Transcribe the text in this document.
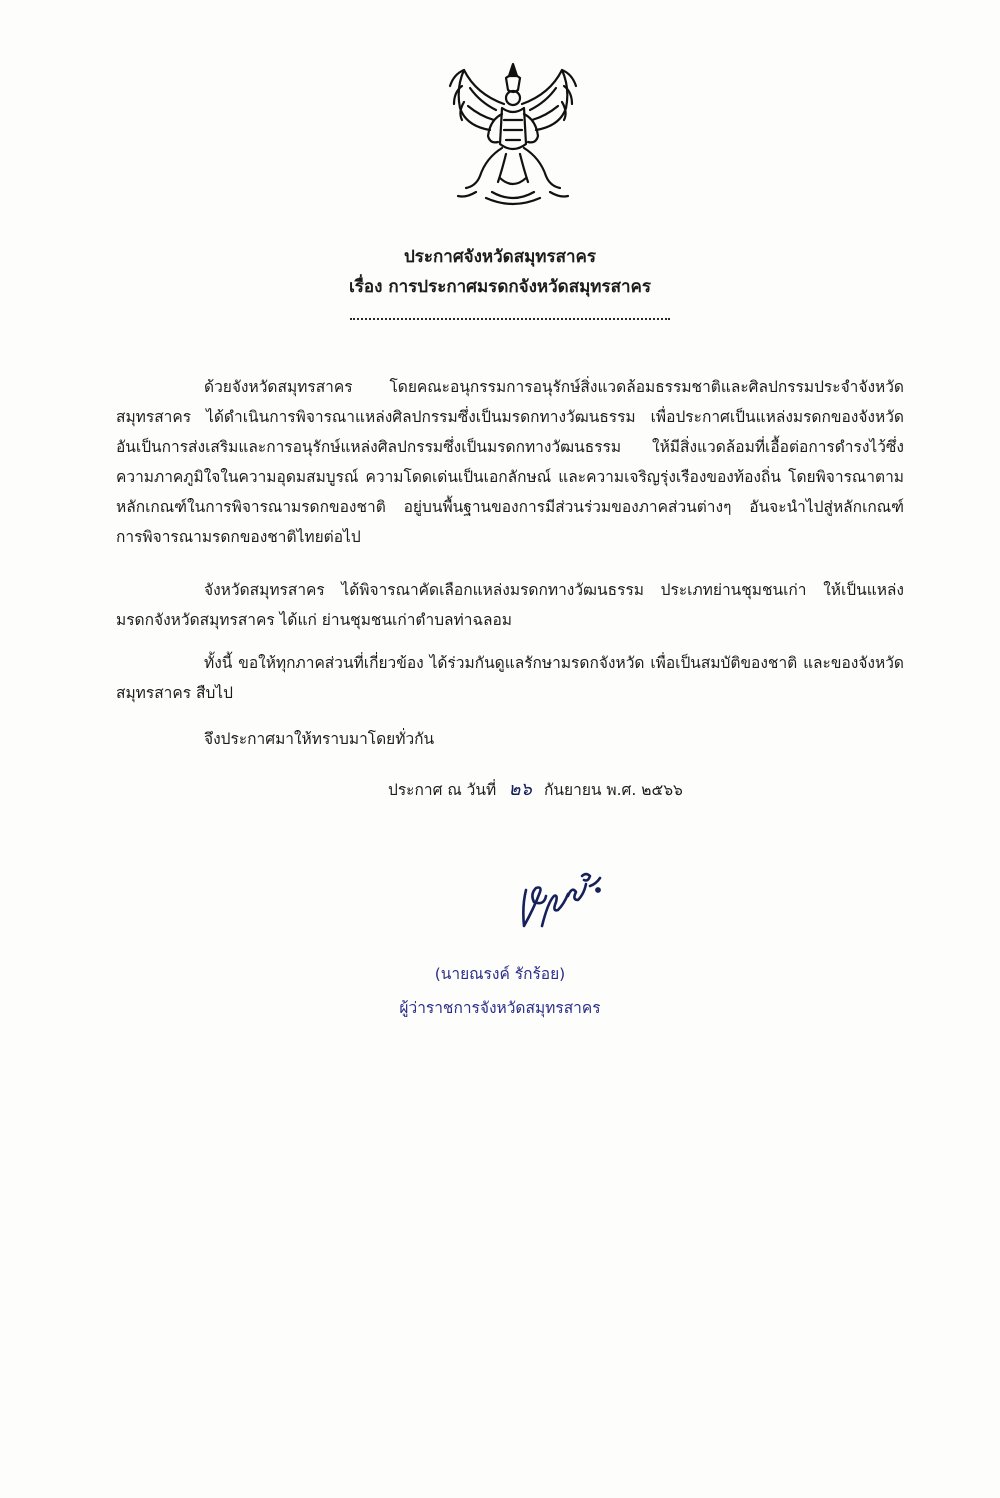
ประกาศจังหวัดสมุทรสาคร

เรื่อง การประกาศมรดกจังหวัดสมุทรสาคร

ด้วยจังหวัดสมุทรสาคร โดยคณะอนุกรรมการอนุรักษ์สิ่งแวดล้อมธรรมชาติและศิลปกรรมประจำจังหวัดสมุทรสาคร ได้ดำเนินการพิจารณาแหล่งศิลปกรรมซึ่งเป็นมรดกทางวัฒนธรรม เพื่อประกาศเป็นแหล่งมรดกของจังหวัด อันเป็นการส่งเสริมและการอนุรักษ์แหล่งศิลปกรรมซึ่งเป็นมรดกทางวัฒนธรรม ให้มีสิ่งแวดล้อมที่เอื้อต่อการดำรงไว้ซึ่งความภาคภูมิใจในความอุดมสมบูรณ์ ความโดดเด่นเป็นเอกลักษณ์ และความเจริญรุ่งเรืองของท้องถิ่น โดยพิจารณาตามหลักเกณฑ์ในการพิจารณามรดกของชาติ อยู่บนพื้นฐานของการมีส่วนร่วมของภาคส่วนต่างๆ อันจะนำไปสู่หลักเกณฑ์การพิจารณามรดกของชาติไทยต่อไป

จังหวัดสมุทรสาคร ได้พิจารณาคัดเลือกแหล่งมรดกทางวัฒนธรรม ประเภทย่านชุมชนเก่า ให้เป็นแหล่งมรดกจังหวัดสมุทรสาคร ได้แก่ ย่านชุมชนเก่าตำบลท่าฉลอม

ทั้งนี้ ขอให้ทุกภาคส่วนที่เกี่ยวข้อง ได้ร่วมกันดูแลรักษามรดกจังหวัด เพื่อเป็นสมบัติของชาติ และของจังหวัดสมุทรสาคร สืบไป

จึงประกาศมาให้ทราบมาโดยทั่วกัน

ประกาศ ณ วันที่ ๒๖ กันยายน พ.ศ. ๒๕๖๖

(นายณรงค์ รักร้อย)

ผู้ว่าราชการจังหวัดสมุทรสาคร
